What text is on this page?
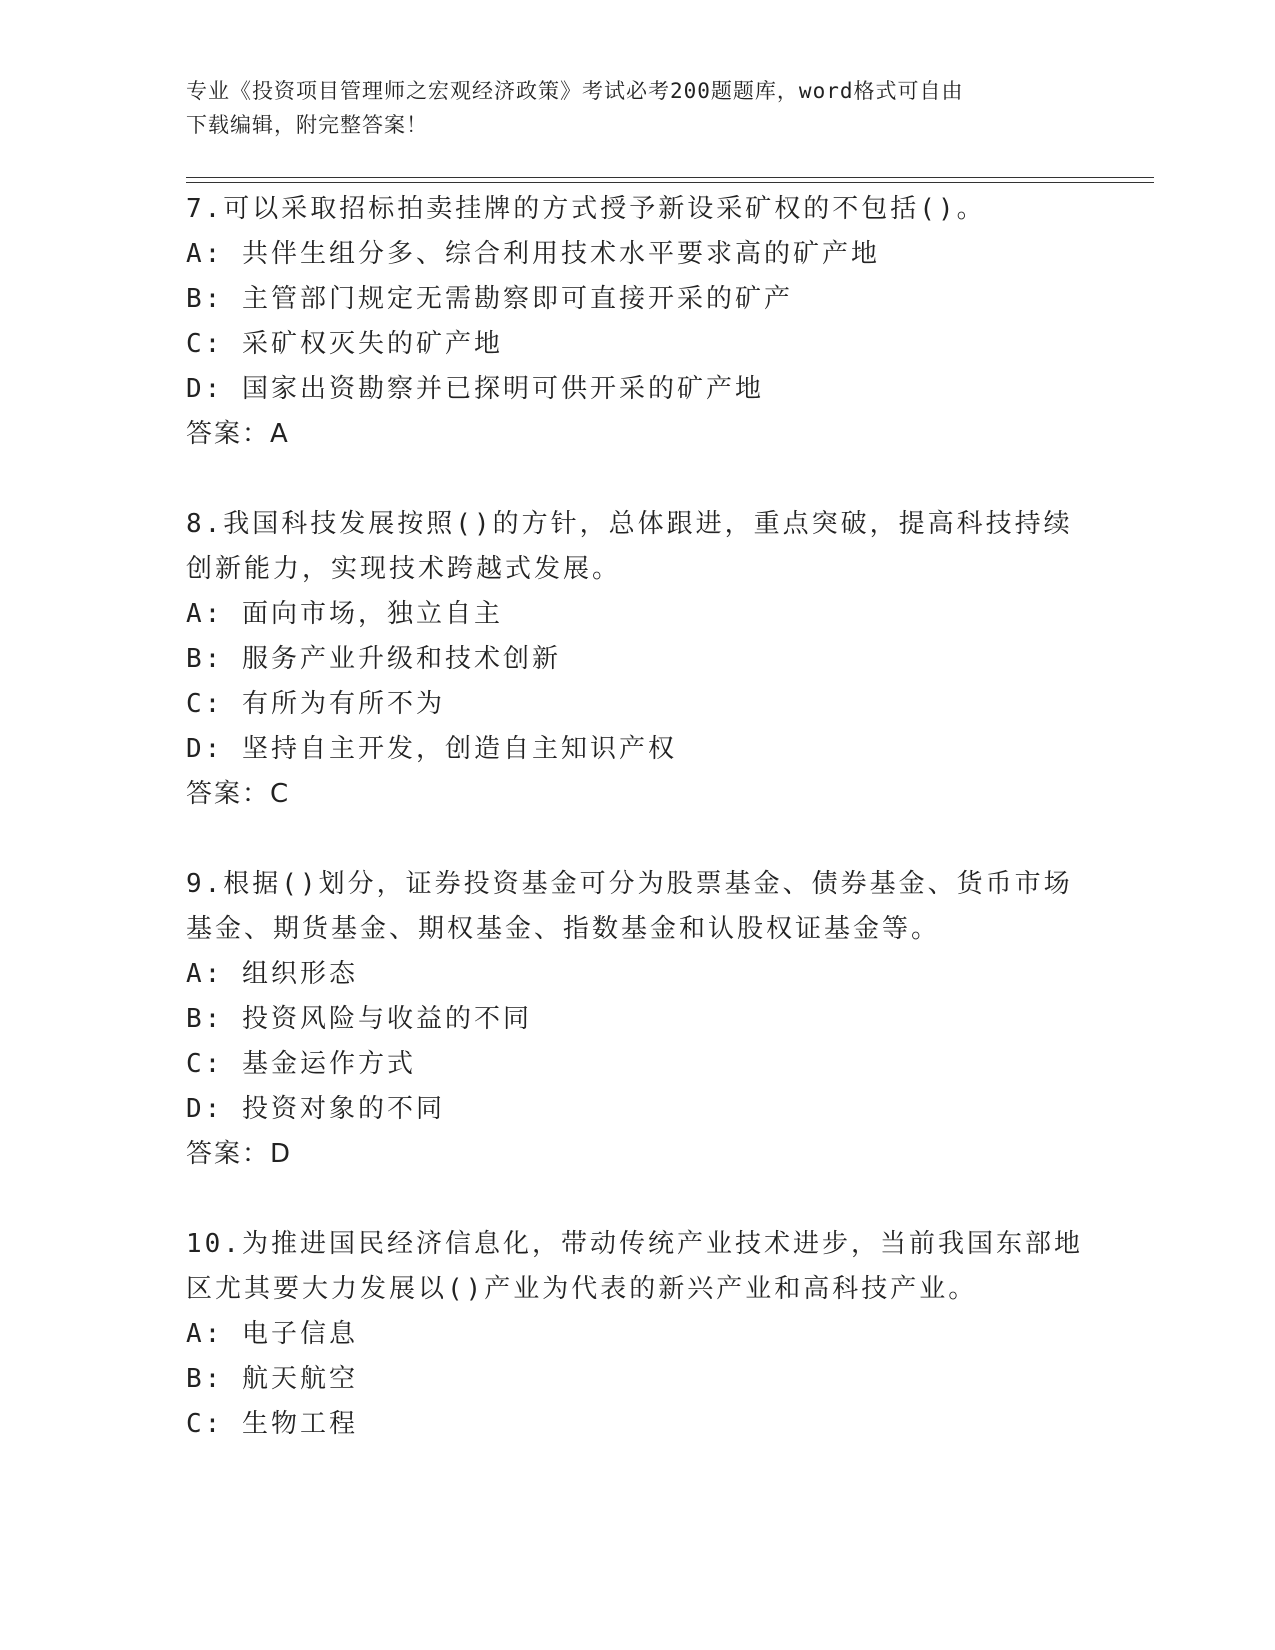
专业《投资项目管理师之宏观经济政策》考试必考200题题库，word格式可自由
下载编辑，附完整答案！
7.可以采取招标拍卖挂牌的方式授予新设采矿权的不包括()。
A: 共伴生组分多、综合利用技术水平要求高的矿产地
B: 主管部门规定无需勘察即可直接开采的矿产
C: 采矿权灭失的矿产地
D: 国家出资勘察并已探明可供开采的矿产地
答案：A
8.我国科技发展按照()的方针，总体跟进，重点突破，提高科技持续
创新能力，实现技术跨越式发展。
A: 面向市场，独立自主
B: 服务产业升级和技术创新
C: 有所为有所不为
D: 坚持自主开发，创造自主知识产权
答案：C
9.根据()划分，证券投资基金可分为股票基金、债券基金、货币市场
基金、期货基金、期权基金、指数基金和认股权证基金等。
A: 组织形态
B: 投资风险与收益的不同
C: 基金运作方式
D: 投资对象的不同
答案：D
10.为推进国民经济信息化，带动传统产业技术进步，当前我国东部地
区尤其要大力发展以()产业为代表的新兴产业和高科技产业。
A: 电子信息
B: 航天航空
C: 生物工程
